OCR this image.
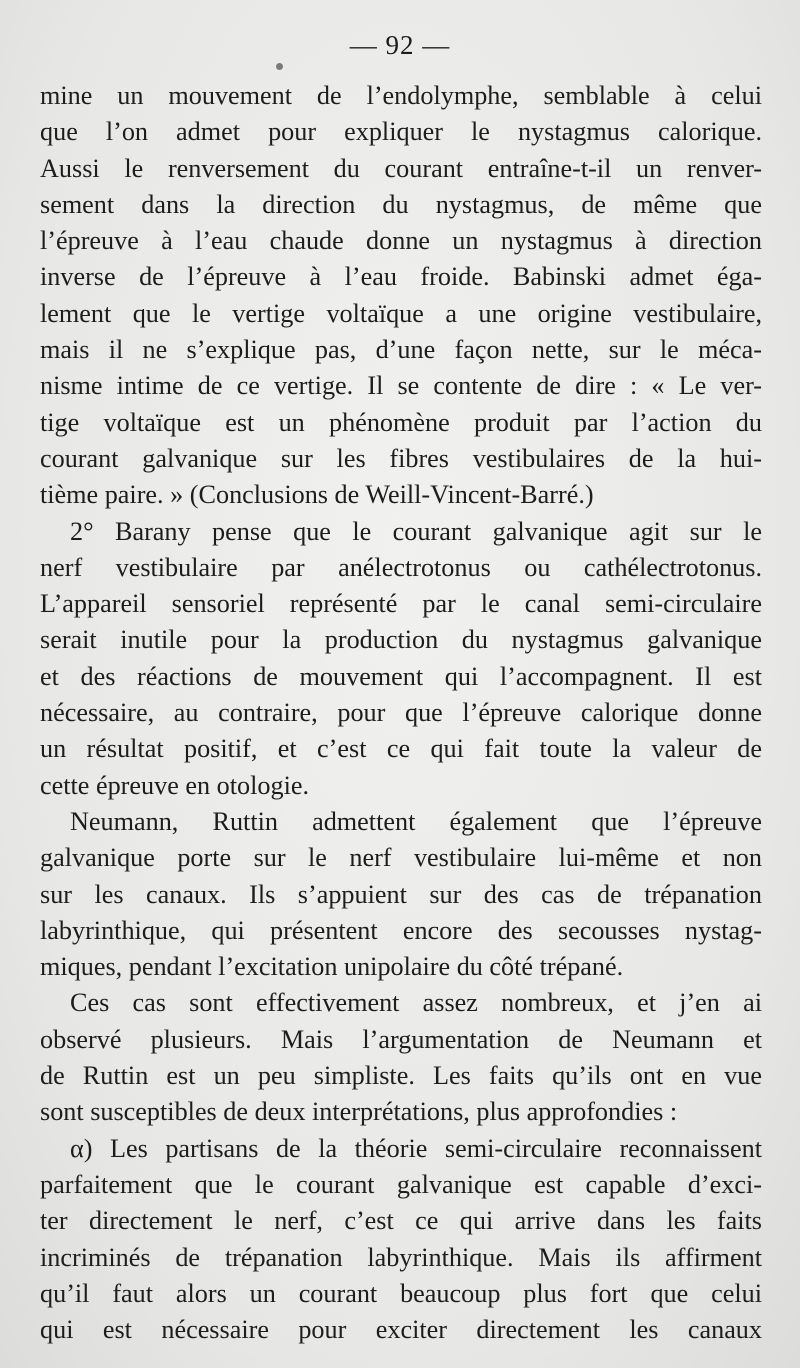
— 92 —
mine un mouvement de l’endolymphe, semblable à celui
que l’on admet pour expliquer le nystagmus calorique.
Aussi le renversement du courant entraîne-t-il un renver-
sement dans la direction du nystagmus, de même que
l’épreuve à l’eau chaude donne un nystagmus à direction
inverse de l’épreuve à l’eau froide. Babinski admet éga-
lement que le vertige voltaïque a une origine vestibulaire,
mais il ne s’explique pas, d’une façon nette, sur le méca-
nisme intime de ce vertige. Il se contente de dire : « Le ver-
tige voltaïque est un phénomène produit par l’action du
courant galvanique sur les fibres vestibulaires de la hui-
tième paire. » (Conclusions de Weill-Vincent-Barré.)
2° Barany pense que le courant galvanique agit sur le
nerf vestibulaire par anélectrotonus ou cathélectrotonus.
L’appareil sensoriel représenté par le canal semi-circulaire
serait inutile pour la production du nystagmus galvanique
et des réactions de mouvement qui l’accompagnent. Il est
nécessaire, au contraire, pour que l’épreuve calorique donne
un résultat positif, et c’est ce qui fait toute la valeur de
cette épreuve en otologie.
Neumann, Ruttin admettent également que l’épreuve
galvanique porte sur le nerf vestibulaire lui-même et non
sur les canaux. Ils s’appuient sur des cas de trépanation
labyrinthique, qui présentent encore des secousses nystag-
miques, pendant l’excitation unipolaire du côté trépané.
Ces cas sont effectivement assez nombreux, et j’en ai
observé plusieurs. Mais l’argumentation de Neumann et
de Ruttin est un peu simpliste. Les faits qu’ils ont en vue
sont susceptibles de deux interprétations, plus approfondies :
α) Les partisans de la théorie semi-circulaire reconnaissent
parfaitement que le courant galvanique est capable d’exci-
ter directement le nerf, c’est ce qui arrive dans les faits
incriminés de trépanation labyrinthique. Mais ils affirment
qu’il faut alors un courant beaucoup plus fort que celui
qui est nécessaire pour exciter directement les canaux
